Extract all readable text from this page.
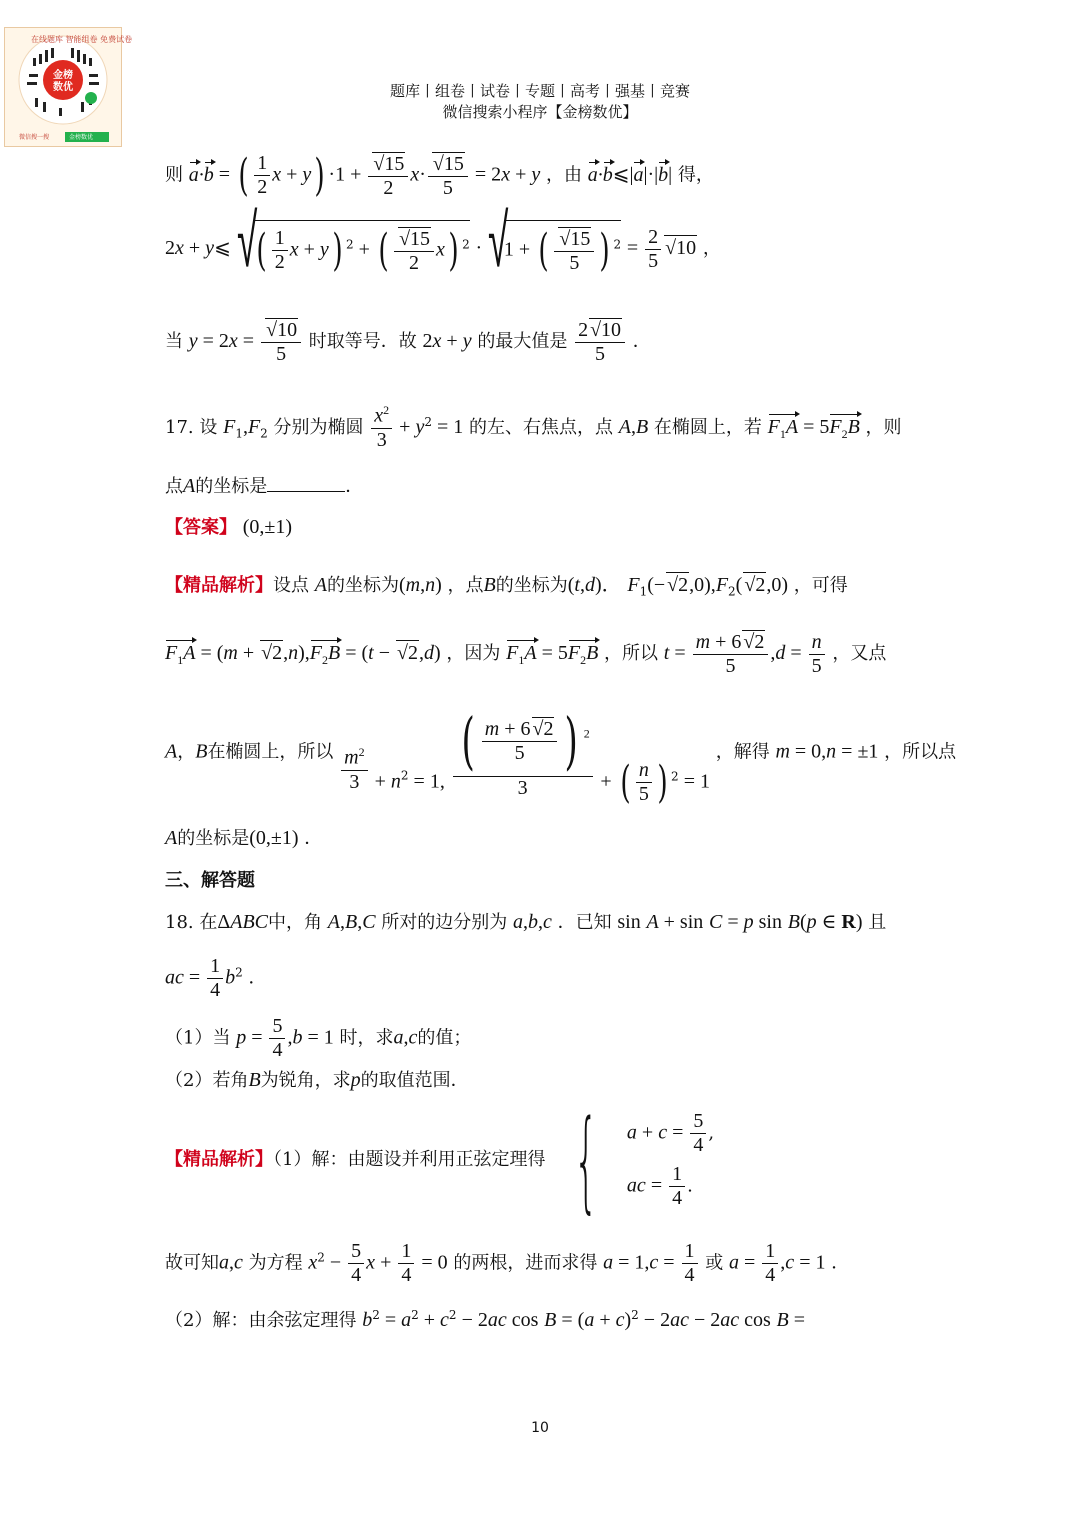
在线题库 智能组卷 免费试卷
金榜
数优
微信搜一搜	金榜数优
题库丨组卷丨试卷丨专题丨高考丨强基丨竞赛
微信搜索小程序【金榜数优】
则 a·b = ( $\frac{1}{2}$ x + y) ·1 +
√ $\frac{15}{2} x\cdot$
√ $\frac{15}{5} = 2x + y$ ，由 a·b⩽|a|·|b| 得，
2x + y⩽ √ ( $\frac{1}{2}$ x + y) $^2$ + (
√ $\frac{15}{2} x$) $^2$ · √
1 + (
√ $\frac{15}{5}$ ) $^2 = \frac{2}{5}$
√ 10 ，
当 y = 2x =
√ $\frac{10}{5}$ 时取等号．故 2x + y 的最大值是 $\frac{2√ 10}{5}$ ．
17. 设 $F_1,F_2$ 分别为椭圆 $\frac{x^2}{3} + y^2 = 1$ 的左、右焦点，点 A,B 在椭圆上，若 $F_1A = 5F_2B$ ，则
点A的坐标是	．
【答案】 (0,±1)
【精品解析】设点 A的坐标为(m,n) ，点B的坐标为(t,d)． $F_1(-√$ $2,0),F_2(√$ 2,0) ，可得
$F_1A = (m$ + √ $2,n),F_2B = (t$ − √ 2,d) ，因为 $F_1A = 5F_2B$ ，所以 $t = \frac{m + 6√ 2}{5} ,d = \frac{n}{5}$ ，又点
A，B在椭圆上，所以 $\frac{m^2}{3} + n^2 = 1$, $\frac{( \frac{m + 6√ 2}{5} ) ^2}{3}$ + ( $\frac{n}{5}$ ) $^2$ = 1 ，解得 m = 0,n = ±1 ，所以点
A的坐标是(0,±1) ．
三、解答题
18. 在ΔABC中，角 A,B,C 所对的边分别为 a,b,c ．已知 sin A + sin C = p sin B(p ∈ R) 且
ac = $\frac{1}{4} b^2$ ．
（1）当 $p = \frac{5}{4} ,b = 1$ 时，求a,c的值；
（2）若角B为锐角，求p的取值范围．
【精品解析】（1）解：由题设并利用正弦定理得 { $a + c = \frac{5}{4}$ ,
ac = $\frac{1}{4}$ .
故可知a,c 为方程 $x^2 - \frac{5}{4}$ $x + \frac{1}{4} = 0$ 的两根，进而求得 $a = 1,c = \frac{1}{4}$ 或 $a = \frac{1}{4} ,c = 1$ ．
（2）解：由余弦定理得 $b^2 = a^2 + c^2 - 2ac$ $\cos B = (a + c)^2 - 2ac - 2ac$ cos B =
10
